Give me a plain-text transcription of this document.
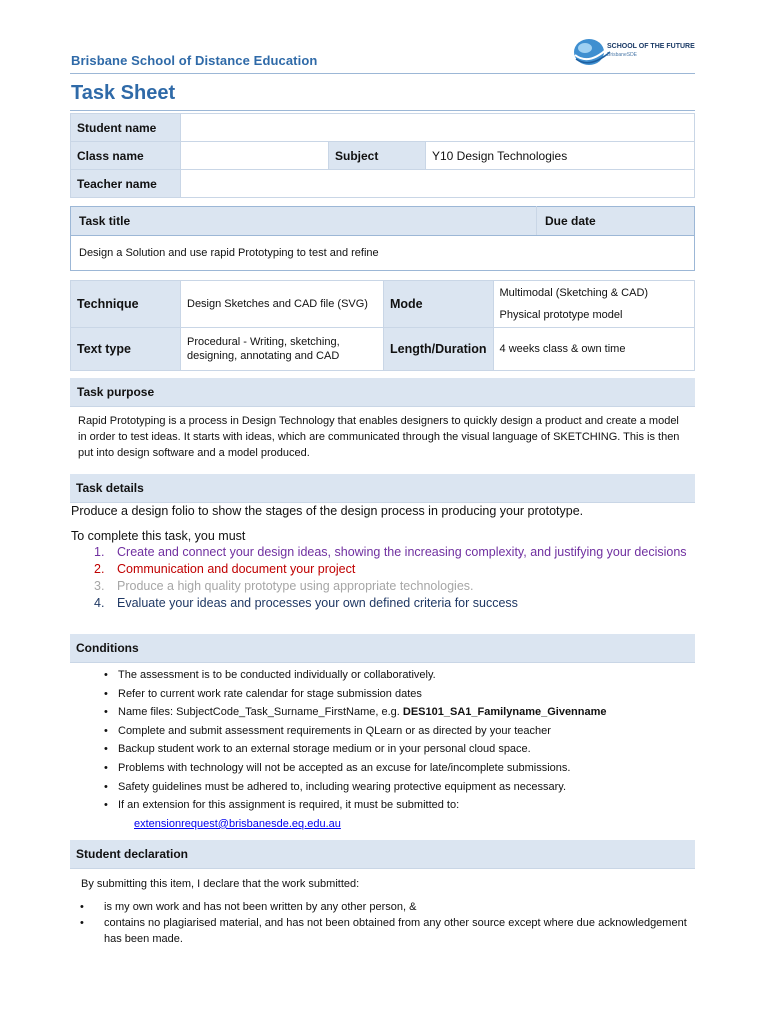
Brisbane School of Distance Education
SCHOOL OF THE FUTURE
BrisbaneSDE
Task Sheet
Student name			
Class name		Subject	Y10 Design Technologies
Teacher name			
Task title	Due date
Design a Solution and use rapid Prototyping to test and refine
Technique	Design Sketches and CAD file (SVG)	Mode	Multimodal (Sketching & CAD)
Physical prototype model

Text type	Procedural - Writing, sketching, designing, annotating and CAD	Length/Duration	4 weeks class & own time
Task purpose
Rapid Prototyping is a process in Design Technology that enables designers to quickly design a product and create a model in order to test ideas. It starts with ideas, which are communicated through the visual language of SKETCHING. This is then put into design software and a model produced.
Task details
Produce a design folio to show the stages of the design process in producing your prototype.
To complete this task, you must
1. Create and connect your design ideas, showing the increasing complexity, and justifying your decisions
2. Communication and document your project
3. Produce a high quality prototype using appropriate technologies.
4. Evaluate your ideas and processes your own defined criteria for success
Conditions
• The assessment is to be conducted individually or collaboratively.
• Refer to current work rate calendar for stage submission dates
• Name files: SubjectCode_Task_Surname_FirstName, e.g. DES101_SA1_Familyname_Givenname
• Complete and submit assessment requirements in QLearn or as directed by your teacher
• Backup student work to an external storage medium or in your personal cloud space.
• Problems with technology will not be accepted as an excuse for late/incomplete submissions.
• Safety guidelines must be adhered to, including wearing protective equipment as necessary.
• If an extension for this assignment is required, it must be submitted to:
extensionrequest@brisbanesde.eq.edu.au
Student declaration
By submitting this item, I declare that the work submitted:
• is my own work and has not been written by any other person, &
• contains no plagiarised material, and has not been obtained from any other source except where due acknowledgement has been made.
